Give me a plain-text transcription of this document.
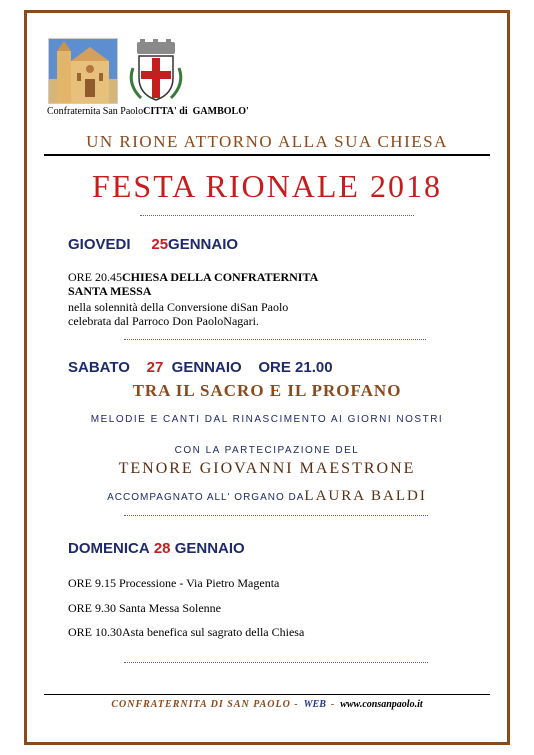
Confraternita San PaoloCITTA' di GAMBOLO'
UN RIONE ATTORNO ALLA SUA CHIESA
FESTA RIONALE 2018
GIOVEDI 25GENNAIO
ORE 20.45CHIESA DELLA CONFRATERNITA
SANTA MESSA
nella solennità della Conversione diSan Paolo
celebrata dal Parroco Don PaoloNagari.
SABATO 27 GENNAIO ORE 21.00
TRA IL SACRO E IL PROFANO
MELODIE E CANTI DAL RINASCIMENTO AI GIORNI NOSTRI
CON LA PARTECIPAZIONE DEL
TENORE GIOVANNI MAESTRONE
ACCOMPAGNATO ALL' ORGANO DALAURA BALDI
DOMENICA 28 GENNAIO
ORE 9.15 Processione - Via Pietro Magenta
ORE 9.30 Santa Messa Solenne
ORE 10.30Asta benefica sul sagrato della Chiesa
CONFRATERNITA DI SAN PAOLO - WEB - www.consanpaolo.it
